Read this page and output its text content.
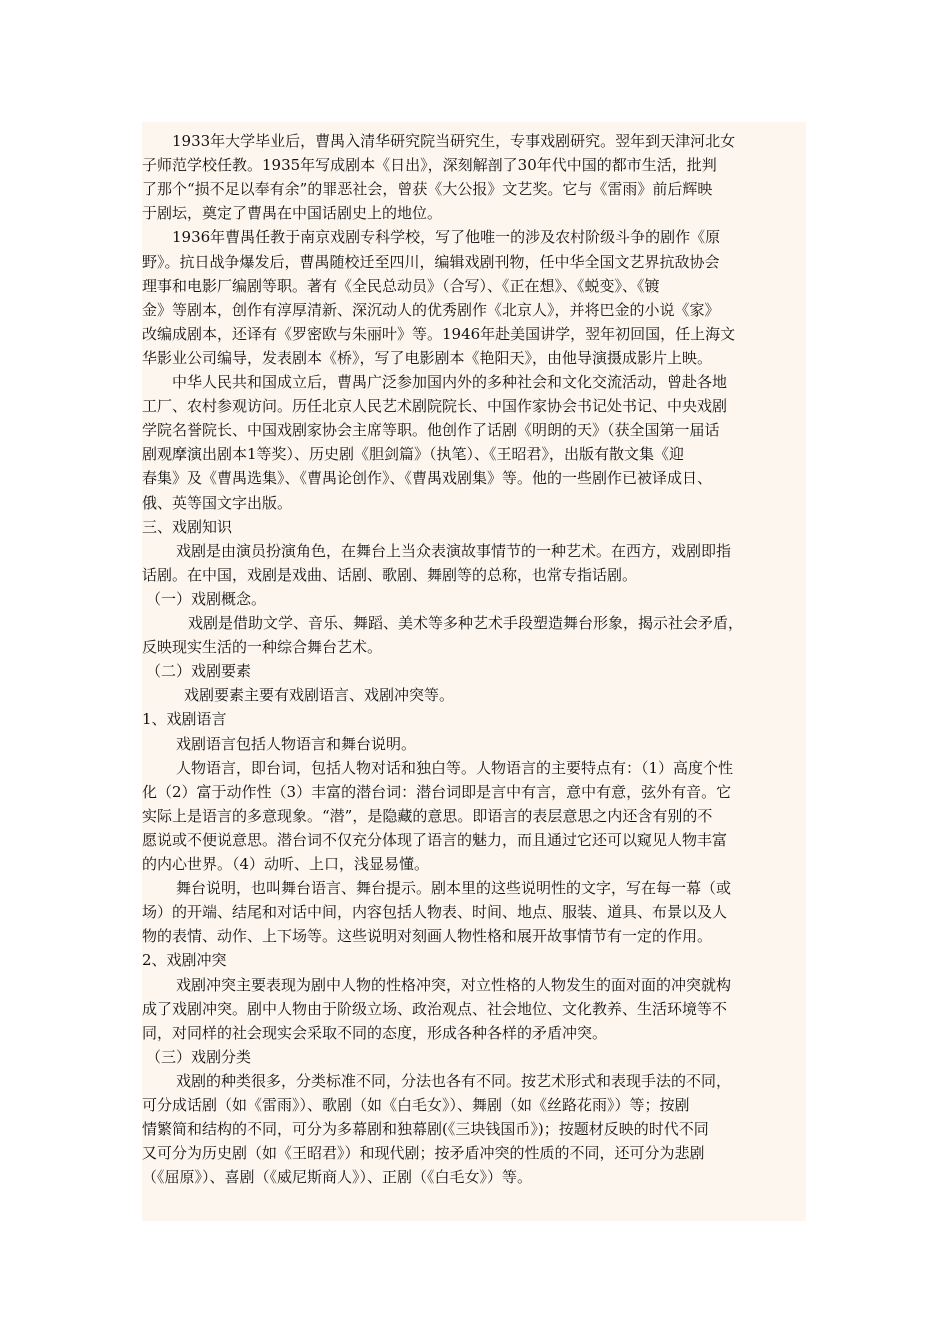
1933年大学毕业后，曹禺入清华研究院当研究生，专事戏剧研究。翌年到天津河北女
子师范学校任教。1935年写成剧本《日出》，深刻解剖了30年代中国的都市生活，批判
了那个“损不足以奉有余”的罪恶社会，曾获《大公报》文艺奖。它与《雷雨》前后辉映
于剧坛，奠定了曹禺在中国话剧史上的地位。
1936年曹禺任教于南京戏剧专科学校，写了他唯一的涉及农村阶级斗争的剧作《原
野》。抗日战争爆发后，曹禺随校迁至四川，编辑戏剧刊物，任中华全国文艺界抗敌协会
理事和电影厂编剧等职。著有《全民总动员》（合写）、《正在想》、《蜕变》、《镀
金》等剧本，创作有淳厚清新、深沉动人的优秀剧作《北京人》，并将巴金的小说《家》
改编成剧本，还译有《罗密欧与朱丽叶》等。1946年赴美国讲学，翌年初回国，任上海文
华影业公司编导，发表剧本《桥》，写了电影剧本《艳阳天》，由他导演摄成影片上映。
中华人民共和国成立后，曹禺广泛参加国内外的多种社会和文化交流活动，曾赴各地
工厂、农村参观访问。历任北京人民艺术剧院院长、中国作家协会书记处书记、中央戏剧
学院名誉院长、中国戏剧家协会主席等职。他创作了话剧《明朗的天》（获全国第一届话
剧观摩演出剧本1等奖）、历史剧《胆剑篇》（执笔）、《王昭君》，出版有散文集《迎
春集》及《曹禺选集》、《曹禺论创作》、《曹禺戏剧集》等。他的一些剧作已被译成日、
俄、英等国文字出版。
三、戏剧知识
戏剧是由演员扮演角色，在舞台上当众表演故事情节的一种艺术。在西方，戏剧即指
话剧。在中国，戏剧是戏曲、话剧、歌剧、舞剧等的总称，也常专指话剧。
（一）戏剧概念。
戏剧是借助文学、音乐、舞蹈、美术等多种艺术手段塑造舞台形象，揭示社会矛盾，
反映现实生活的一种综合舞台艺术。
（二）戏剧要素
戏剧要素主要有戏剧语言、戏剧冲突等。
1、戏剧语言
戏剧语言包括人物语言和舞台说明。
人物语言，即台词，包括人物对话和独白等。人物语言的主要特点有：（1）高度个性
化（2）富于动作性（3）丰富的潜台词：潜台词即是言中有言，意中有意，弦外有音。它
实际上是语言的多意现象。“潜”，是隐藏的意思。即语言的表层意思之内还含有别的不
愿说或不便说意思。潜台词不仅充分体现了语言的魅力，而且通过它还可以窥见人物丰富
的内心世界。（4）动听、上口，浅显易懂。
舞台说明，也叫舞台语言、舞台提示。剧本里的这些说明性的文字，写在每一幕（或
场）的开端、结尾和对话中间，内容包括人物表、时间、地点、服装、道具、布景以及人
物的表情、动作、上下场等。这些说明对刻画人物性格和展开故事情节有一定的作用。
2、戏剧冲突
戏剧冲突主要表现为剧中人物的性格冲突，对立性格的人物发生的面对面的冲突就构
成了戏剧冲突。剧中人物由于阶级立场、政治观点、社会地位、文化教养、生活环境等不
同，对同样的社会现实会采取不同的态度，形成各种各样的矛盾冲突。
（三）戏剧分类
戏剧的种类很多，分类标准不同，分法也各有不同。按艺术形式和表现手法的不同，
可分成话剧（如《雷雨》）、歌剧（如《白毛女》）、舞剧（如《丝路花雨》）等；按剧
情繁简和结构的不同，可分为多幕剧和独幕剧(《三块钱国币》)；按题材反映的时代不同
又可分为历史剧（如《王昭君》）和现代剧；按矛盾冲突的性质的不同，还可分为悲剧
（《屈原》）、喜剧（《威尼斯商人》）、正剧（《白毛女》）等。
